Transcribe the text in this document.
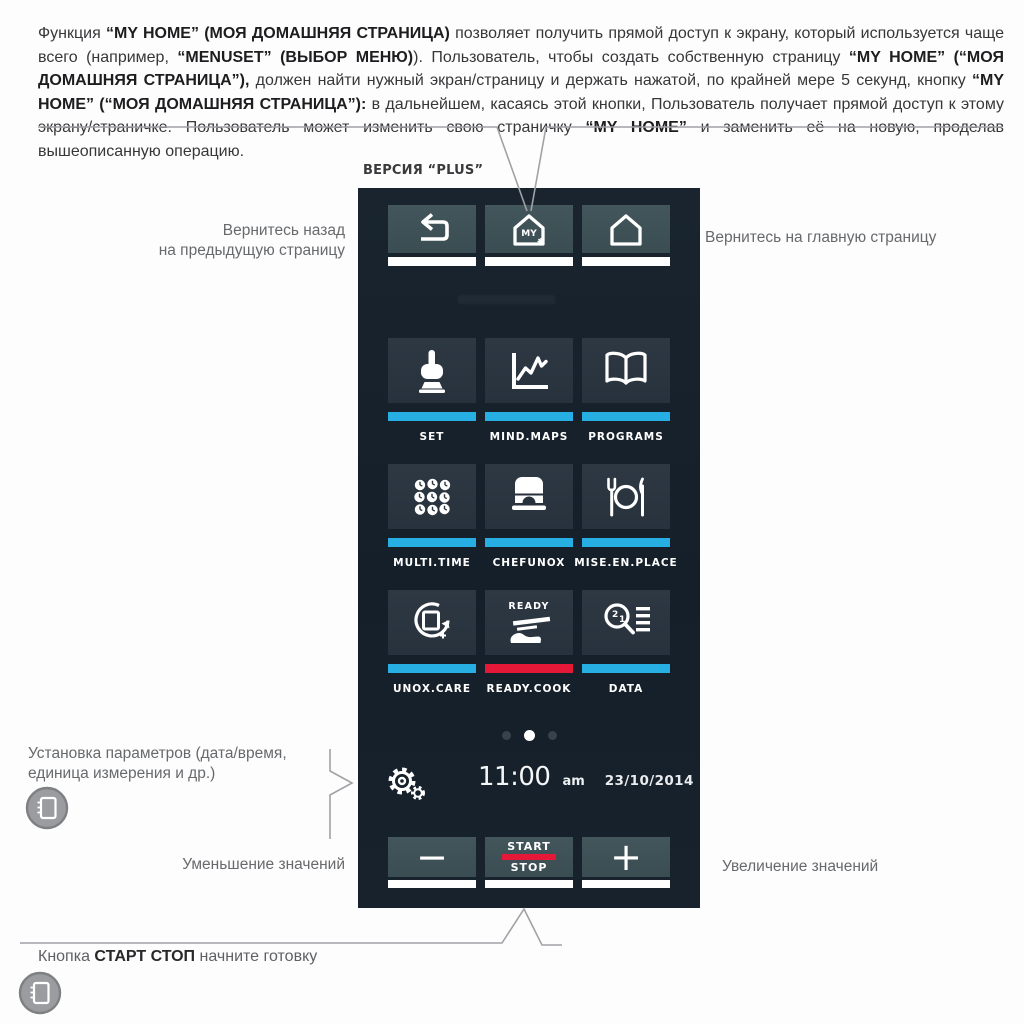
Функция “MY HOME” (МОЯ ДОМАШНЯЯ СТРАНИЦА) позволяет получить прямой доступ к экрану, который используется чаще всего (например, “MENUSET” (ВЫБОР МЕНЮ)). Пользователь, чтобы создать собственную страницу “MY HOME” (“МОЯ ДОМАШНЯЯ СТРАНИЦА”), должен найти нужный экран/страницу и держать нажатой, по крайней мере 5 секунд, кнопку “MY HOME” (“МОЯ ДОМАШНЯЯ СТРАНИЦА”): в дальнейшем, касаясь этой кнопки, Пользователь получает прямой доступ к этому экрану/страничке. Пользователь может изменить свою страничку “MY HOME” и заменить её на новую, проделав вышеописанную операцию.

ВЕРСИЯ “PLUS”
MY
SET	MIND.MAPS PROGRAMS
MULTI.TIME CHEFUNOX MISE.EN.PLACE
UNOX.CARE
READY
READY.COOK
2 1
DATA
11:00 am 23/10/2014
−	START
STOP +
Вернитесь назад
на предыдущую страницу
Вернитесь на главную страницу
Установка параметров (дата/время,
единица измерения и др.)
Уменьшение значений	Увеличение значений
Кнопка СТАРТ СТОП начните готовку
